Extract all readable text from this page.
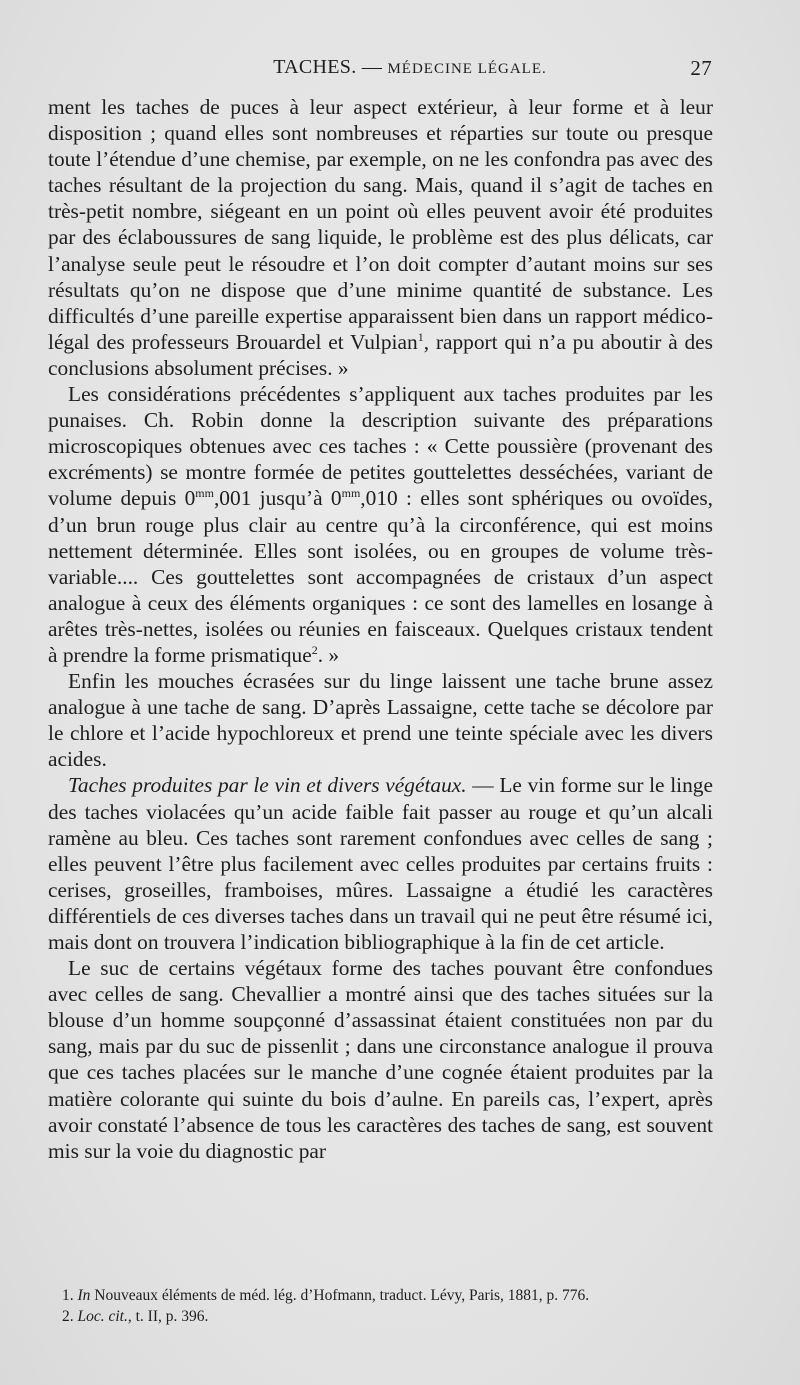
TACHES. — MÉDECINE LÉGALE.	27

ment les taches de puces à leur aspect extérieur, à leur forme et à leur disposition ; quand elles sont nombreuses et réparties sur toute ou presque toute l’étendue d’une chemise, par exemple, on ne les confondra pas avec des taches résultant de la projection du sang. Mais, quand il s’agit de taches en très-petit nombre, siégeant en un point où elles peuvent avoir été produites par des éclaboussures de sang liquide, le problème est des plus délicats, car l’analyse seule peut le résoudre et l’on doit compter d’autant moins sur ses résultats qu’on ne dispose que d’une minime quantité de substance. Les difficultés d’une pareille expertise apparaissent bien dans un rapport médico-légal des professeurs Brouardel et Vulpian$^1$, rapport qui n’a pu aboutir à des conclusions absolument précises. »

Les considérations précédentes s’appliquent aux taches produites par les punaises. Ch. Robin donne la description suivante des préparations microscopiques obtenues avec ces taches : « Cette poussière (provenant des excréments) se montre formée de petites gouttelettes desséchées, variant de volume depuis $0^{mm},001$ jusqu’à $0^{mm},010$ : elles sont sphériques ou ovoïdes, d’un brun rouge plus clair au centre qu’à la circonférence, qui est moins nettement déterminée. Elles sont isolées, ou en groupes de volume très-variable.... Ces gouttelettes sont accompagnées de cristaux d’un aspect analogue à ceux des éléments organiques : ce sont des lamelles en losange à arêtes très-nettes, isolées ou réunies en faisceaux. Quelques cristaux tendent à prendre la forme prismatique$^2$. »

Enfin les mouches écrasées sur du linge laissent une tache brune assez analogue à une tache de sang. D’après Lassaigne, cette tache se décolore par le chlore et l’acide hypochloreux et prend une teinte spéciale avec les divers acides.

Taches produites par le vin et divers végétaux. — Le vin forme sur le linge des taches violacées qu’un acide faible fait passer au rouge et qu’un alcali ramène au bleu. Ces taches sont rarement confondues avec celles de sang ; elles peuvent l’être plus facilement avec celles produites par certains fruits : cerises, groseilles, framboises, mûres. Lassaigne a étudié les caractères différentiels de ces diverses taches dans un travail qui ne peut être résumé ici, mais dont on trouvera l’indication bibliographique à la fin de cet article.

Le suc de certains végétaux forme des taches pouvant être confondues avec celles de sang. Chevallier a montré ainsi que des taches situées sur la blouse d’un homme soupçonné d’assassinat étaient constituées non par du sang, mais par du suc de pissenlit ; dans une circonstance analogue il prouva que ces taches placées sur le manche d’une cognée étaient produites par la matière colorante qui suinte du bois d’aulne. En pareils cas, l’expert, après avoir constaté l’absence de tous les caractères des taches de sang, est souvent mis sur la voie du diagnostic par

1. In Nouveaux éléments de méd. lég. d’Hofmann, traduct. Lévy, Paris, 1881, p. 776.
2. Loc. cit., t. II, p. 396.
